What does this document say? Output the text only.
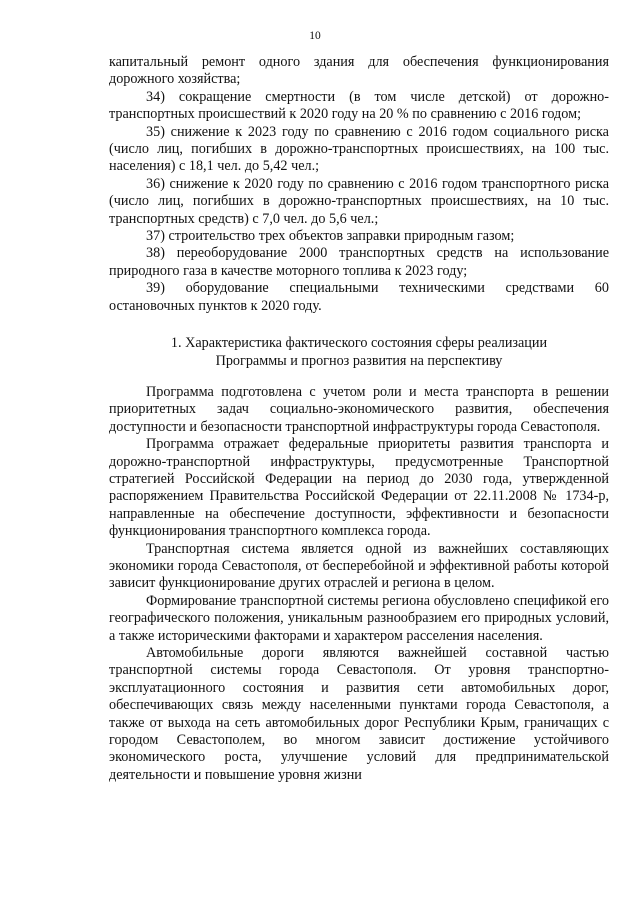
10

капитальный ремонт одного здания для обеспечения функционирования дорожного хозяйства;

34) сокращение смертности (в том числе детской) от дорожно-транспортных происшествий к 2020 году на 20 % по сравнению с 2016 годом;

35) снижение к 2023 году по сравнению с 2016 годом социального риска (число лиц, погибших в дорожно-транспортных происшествиях, на 100 тыс. населения) с 18,1 чел. до 5,42 чел.;

36) снижение к 2020 году по сравнению с 2016 годом транспортного риска (число лиц, погибших в дорожно-транспортных происшествиях, на 10 тыс. транспортных средств) с 7,0 чел. до 5,6 чел.;

37) строительство трех объектов заправки природным газом;

38) переоборудование 2000 транспортных средств на использование природного газа в качестве моторного топлива к 2023 году;

39) оборудование специальными техническими средствами 60 остановочных пунктов к 2020 году.

1. Характеристика фактического состояния сферы реализации
Программы и прогноз развития на перспективу

Программа подготовлена с учетом роли и места транспорта в решении приоритетных задач социально-экономического развития, обеспечения доступности и безопасности транспортной инфраструктуры города Севастополя.

Программа отражает федеральные приоритеты развития транспорта и дорожно-транспортной инфраструктуры, предусмотренные Транспортной стратегией Российской Федерации на период до 2030 года, утвержденной распоряжением Правительства Российской Федерации от 22.11.2008 № 1734-р, направленные на обеспечение доступности, эффективности и безопасности функционирования транспортного комплекса города.

Транспортная система является одной из важнейших составляющих экономики города Севастополя, от бесперебойной и эффективной работы которой зависит функционирование других отраслей и региона в целом.

Формирование транспортной системы региона обусловлено спецификой его географического положения, уникальным разнообразием его природных условий, а также историческими факторами и характером расселения населения.

Автомобильные дороги являются важнейшей составной частью транспортной системы города Севастополя. От уровня транспортно-эксплуатационного состояния и развития сети автомобильных дорог, обеспечивающих связь между населенными пунктами города Севастополя, а также от выхода на сеть автомобильных дорог Республики Крым, граничащих с городом Севастополем, во многом зависит достижение устойчивого экономического роста, улучшение условий для предпринимательской деятельности и повышение уровня жизни
